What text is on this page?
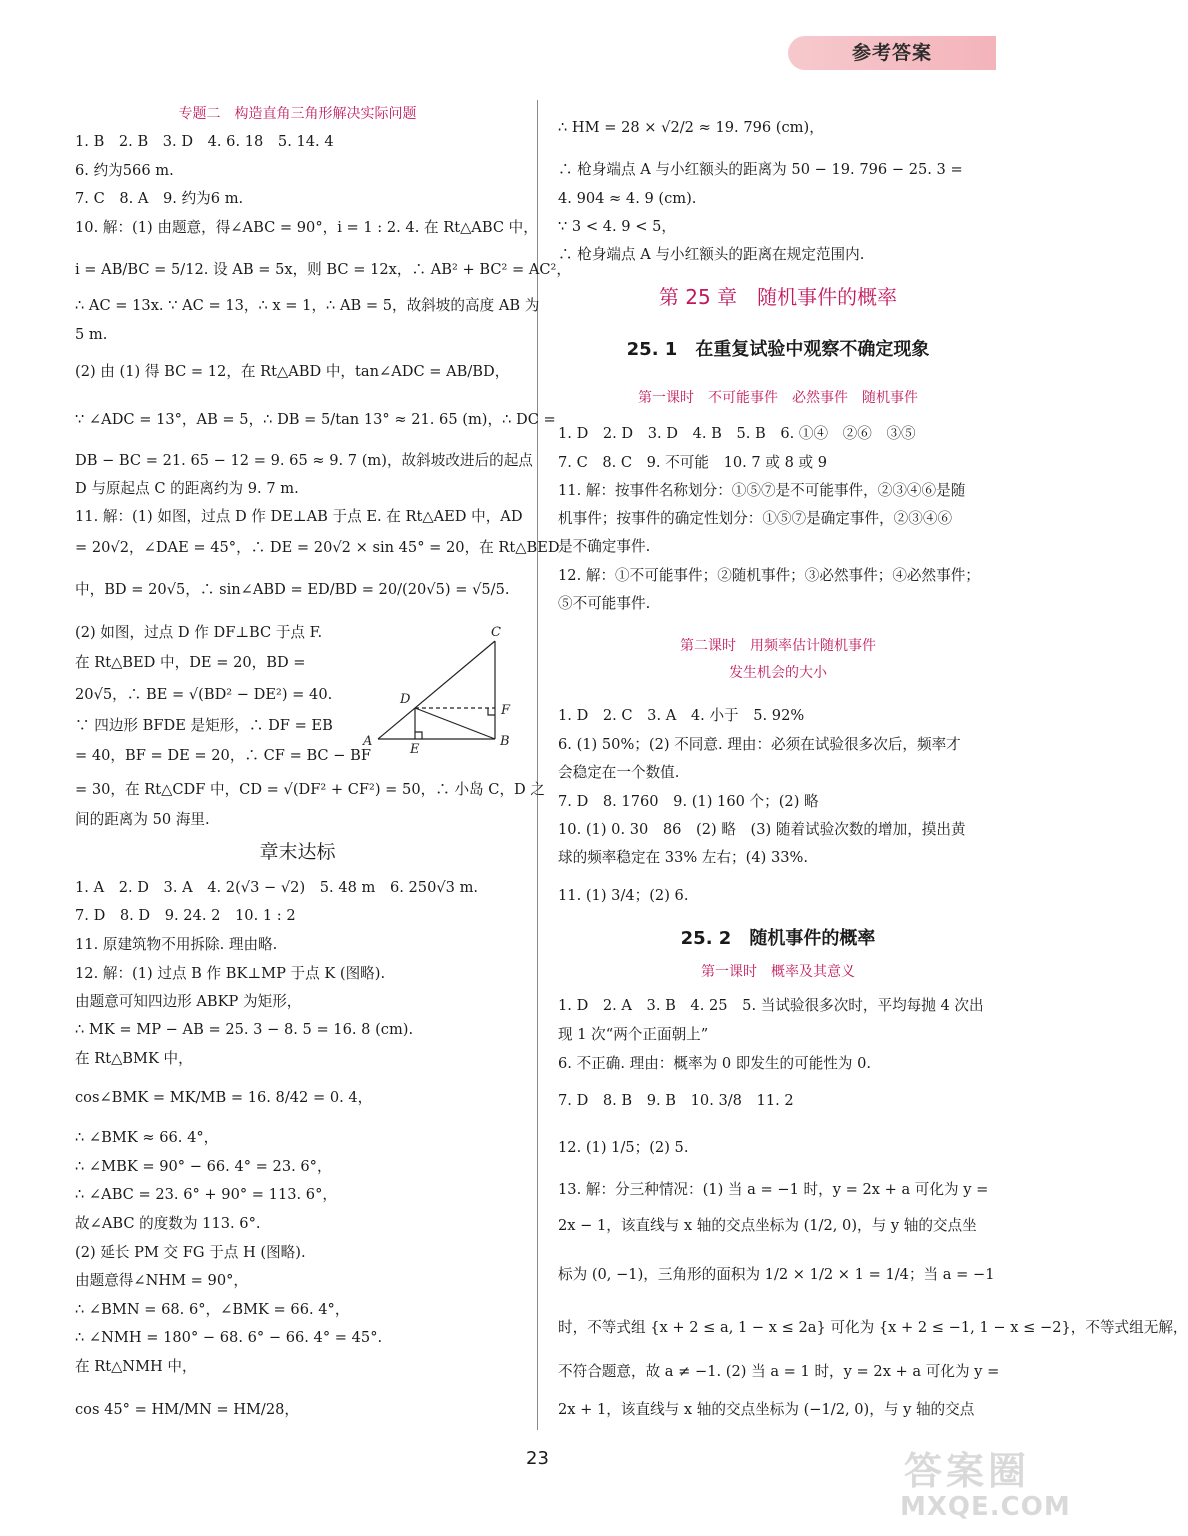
参考答案
专题二　构造直角三角形解决实际问题
1. B　2. B　3. D　4. 6. 18　5. 14. 4
6. 约为566 m.
7. C　8. A　9. 约为6 m.
10. 解：(1) 由题意，得∠ABC = 90°，i = 1 : 2. 4. 在 Rt△ABC 中，
i = AB/BC = 5/12. 设 AB = 5x，则 BC = 12x，∴ AB² + BC² = AC²，
∴ AC = 13x. ∵ AC = 13，∴ x = 1，∴ AB = 5，故斜坡的高度 AB 为
5 m.
(2) 由 (1) 得 BC = 12，在 Rt△ABD 中，tan∠ADC = AB/BD，
∵ ∠ADC = 13°，AB = 5，∴ DB = 5/tan 13° ≈ 21. 65 (m)，∴ DC =
DB − BC = 21. 65 − 12 = 9. 65 ≈ 9. 7 (m)，故斜坡改进后的起点
D 与原起点 C 的距离约为 9. 7 m.
11. 解：(1) 如图，过点 D 作 DE⊥AB 于点 E. 在 Rt△AED 中，AD
= 20√2，∠DAE = 45°，∴ DE = 20√2 × sin 45° = 20，在 Rt△BED
中，BD = 20√5，∴ sin∠ABD = ED/BD = 20/(20√5) = √5/5.
(2) 如图，过点 D 作 DF⊥BC 于点 F.
在 Rt△BED 中，DE = 20，BD =
20√5，∴ BE = √(BD² − DE²) = 40.
∵ 四边形 BFDE 是矩形，∴ DF = EB
= 40，BF = DE = 20，∴ CF = BC − BF
= 30，在 Rt△CDF 中，CD = √(DF² + CF²) = 50，∴ 小岛 C，D 之
间的距离为 50 海里.
章末达标
1. A　2. D　3. A　4. 2(√3 − √2)　5. 48 m　6. 250√3 m.
7. D　8. D　9. 24. 2　10. 1 : 2
11. 原建筑物不用拆除. 理由略.
12. 解：(1) 过点 B 作 BK⊥MP 于点 K (图略).
由题意可知四边形 ABKP 为矩形，
∴ MK = MP − AB = 25. 3 − 8. 5 = 16. 8 (cm).
在 Rt△BMK 中，
cos∠BMK = MK/MB = 16. 8/42 = 0. 4，
∴ ∠BMK ≈ 66. 4°，
∴ ∠MBK = 90° − 66. 4° = 23. 6°，
∴ ∠ABC = 23. 6° + 90° = 113. 6°，
故∠ABC 的度数为 113. 6°.
(2) 延长 PM 交 FG 于点 H (图略).
由题意得∠NHM = 90°，
∴ ∠BMN = 68. 6°，∠BMK = 66. 4°，
∴ ∠NMH = 180° − 68. 6° − 66. 4° = 45°.
在 Rt△NMH 中，
cos 45° = HM/MN = HM/28，
C
D
F
A
E
B
∴ HM = 28 × √2/2 ≈ 19. 796 (cm)，
∴ 枪身端点 A 与小红额头的距离为 50 − 19. 796 − 25. 3 =
4. 904 ≈ 4. 9 (cm).
∵ 3 < 4. 9 < 5，
∴ 枪身端点 A 与小红额头的距离在规定范围内.
第 25 章　随机事件的概率
25. 1　在重复试验中观察不确定现象
第一课时　不可能事件　必然事件　随机事件
1. D　2. D　3. D　4. B　5. B　6. ①④　②⑥　③⑤
7. C　8. C　9. 不可能　10. 7 或 8 或 9
11. 解：按事件名称划分：①⑤⑦是不可能事件，②③④⑥是随
机事件；按事件的确定性划分：①⑤⑦是确定事件，②③④⑥
是不确定事件.
12. 解：①不可能事件；②随机事件；③必然事件；④必然事件；
⑤不可能事件.
第二课时　用频率估计随机事件
发生机会的大小
1. D　2. C　3. A　4. 小于　5. 92%
6. (1) 50%；(2) 不同意. 理由：必须在试验很多次后，频率才
会稳定在一个数值.
7. D　8. 1760　9. (1) 160 个；(2) 略
10. (1) 0. 30　86　(2) 略　(3) 随着试验次数的增加，摸出黄
球的频率稳定在 33% 左右；(4) 33%.
11. (1) 3/4；(2) 6.
25. 2　随机事件的概率
第一课时　概率及其意义
1. D　2. A　3. B　4. 25　5. 当试验很多次时，平均每抛 4 次出
现 1 次“两个正面朝上”
6. 不正确. 理由：概率为 0 即发生的可能性为 0.
7. D　8. B　9. B　10. 3/8　11. 2
12. (1) 1/5；(2) 5.
13. 解：分三种情况：(1) 当 a = −1 时，y = 2x + a 可化为 y =
2x − 1，该直线与 x 轴的交点坐标为 (1/2, 0)，与 y 轴的交点坐
标为 (0, −1)，三角形的面积为 1/2 × 1/2 × 1 = 1/4；当 a = −1
时，不等式组 {x + 2 ≤ a, 1 − x ≤ 2a} 可化为 {x + 2 ≤ −1, 1 − x ≤ −2}，不等式组无解，
不符合题意，故 a ≠ −1. (2) 当 a = 1 时，y = 2x + a 可化为 y =
2x + 1，该直线与 x 轴的交点坐标为 (−1/2, 0)，与 y 轴的交点
23	答案圈
MXQE.COM
